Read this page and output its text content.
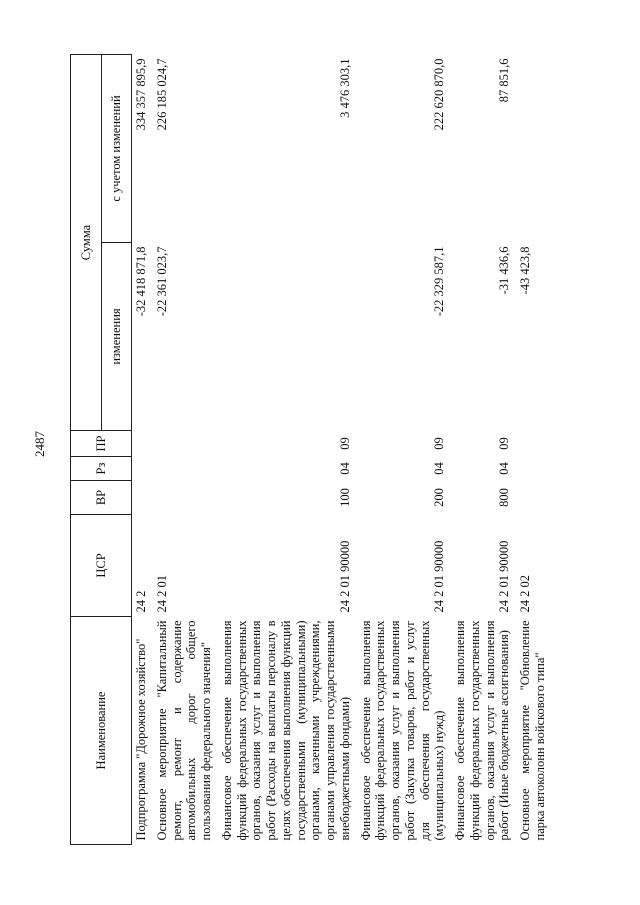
2487
Наименование	ЦСР	ВР	Рз	ПР	Сумма	
					изменения	с учетом изменений
Подпрограмма "Дорожное хозяйство"	24 2				-32 418 871,8	334 357 895,9
Основное мероприятие "Капитальный ремонт, ремонт и содержание автомобильных дорог общего пользования федерального значения"	24 2 01				-22 361 023,7	226 185 024,7
Финансовое обеспечение выполнения функций федеральных государственных органов, оказания услуг и выполнения работ (Расходы на выплаты персоналу в целях обеспечения выполнения функций государственными (муниципальными) органами, казенными учреждениями, органами управления государственными внебюджетными фондами)	24 2 01 90000	100	04	09		3 476 303,1
Финансовое обеспечение выполнения функций федеральных государственных органов, оказания услуг и выполнения работ (Закупка товаров, работ и услуг для обеспечения государственных (муниципальных) нужд)	24 2 01 90000	200	04	09	-22 329 587,1	222 620 870,0
Финансовое обеспечение выполнения функций федеральных государственных органов, оказания услуг и выполнения работ (Иные бюджетные ассигнования)	24 2 01 90000	800	04	09	-31 436,6	87 851,6
Основное мероприятие "Обновление парка автоколонн войскового типа"	24 2 02				-43 423,8	
